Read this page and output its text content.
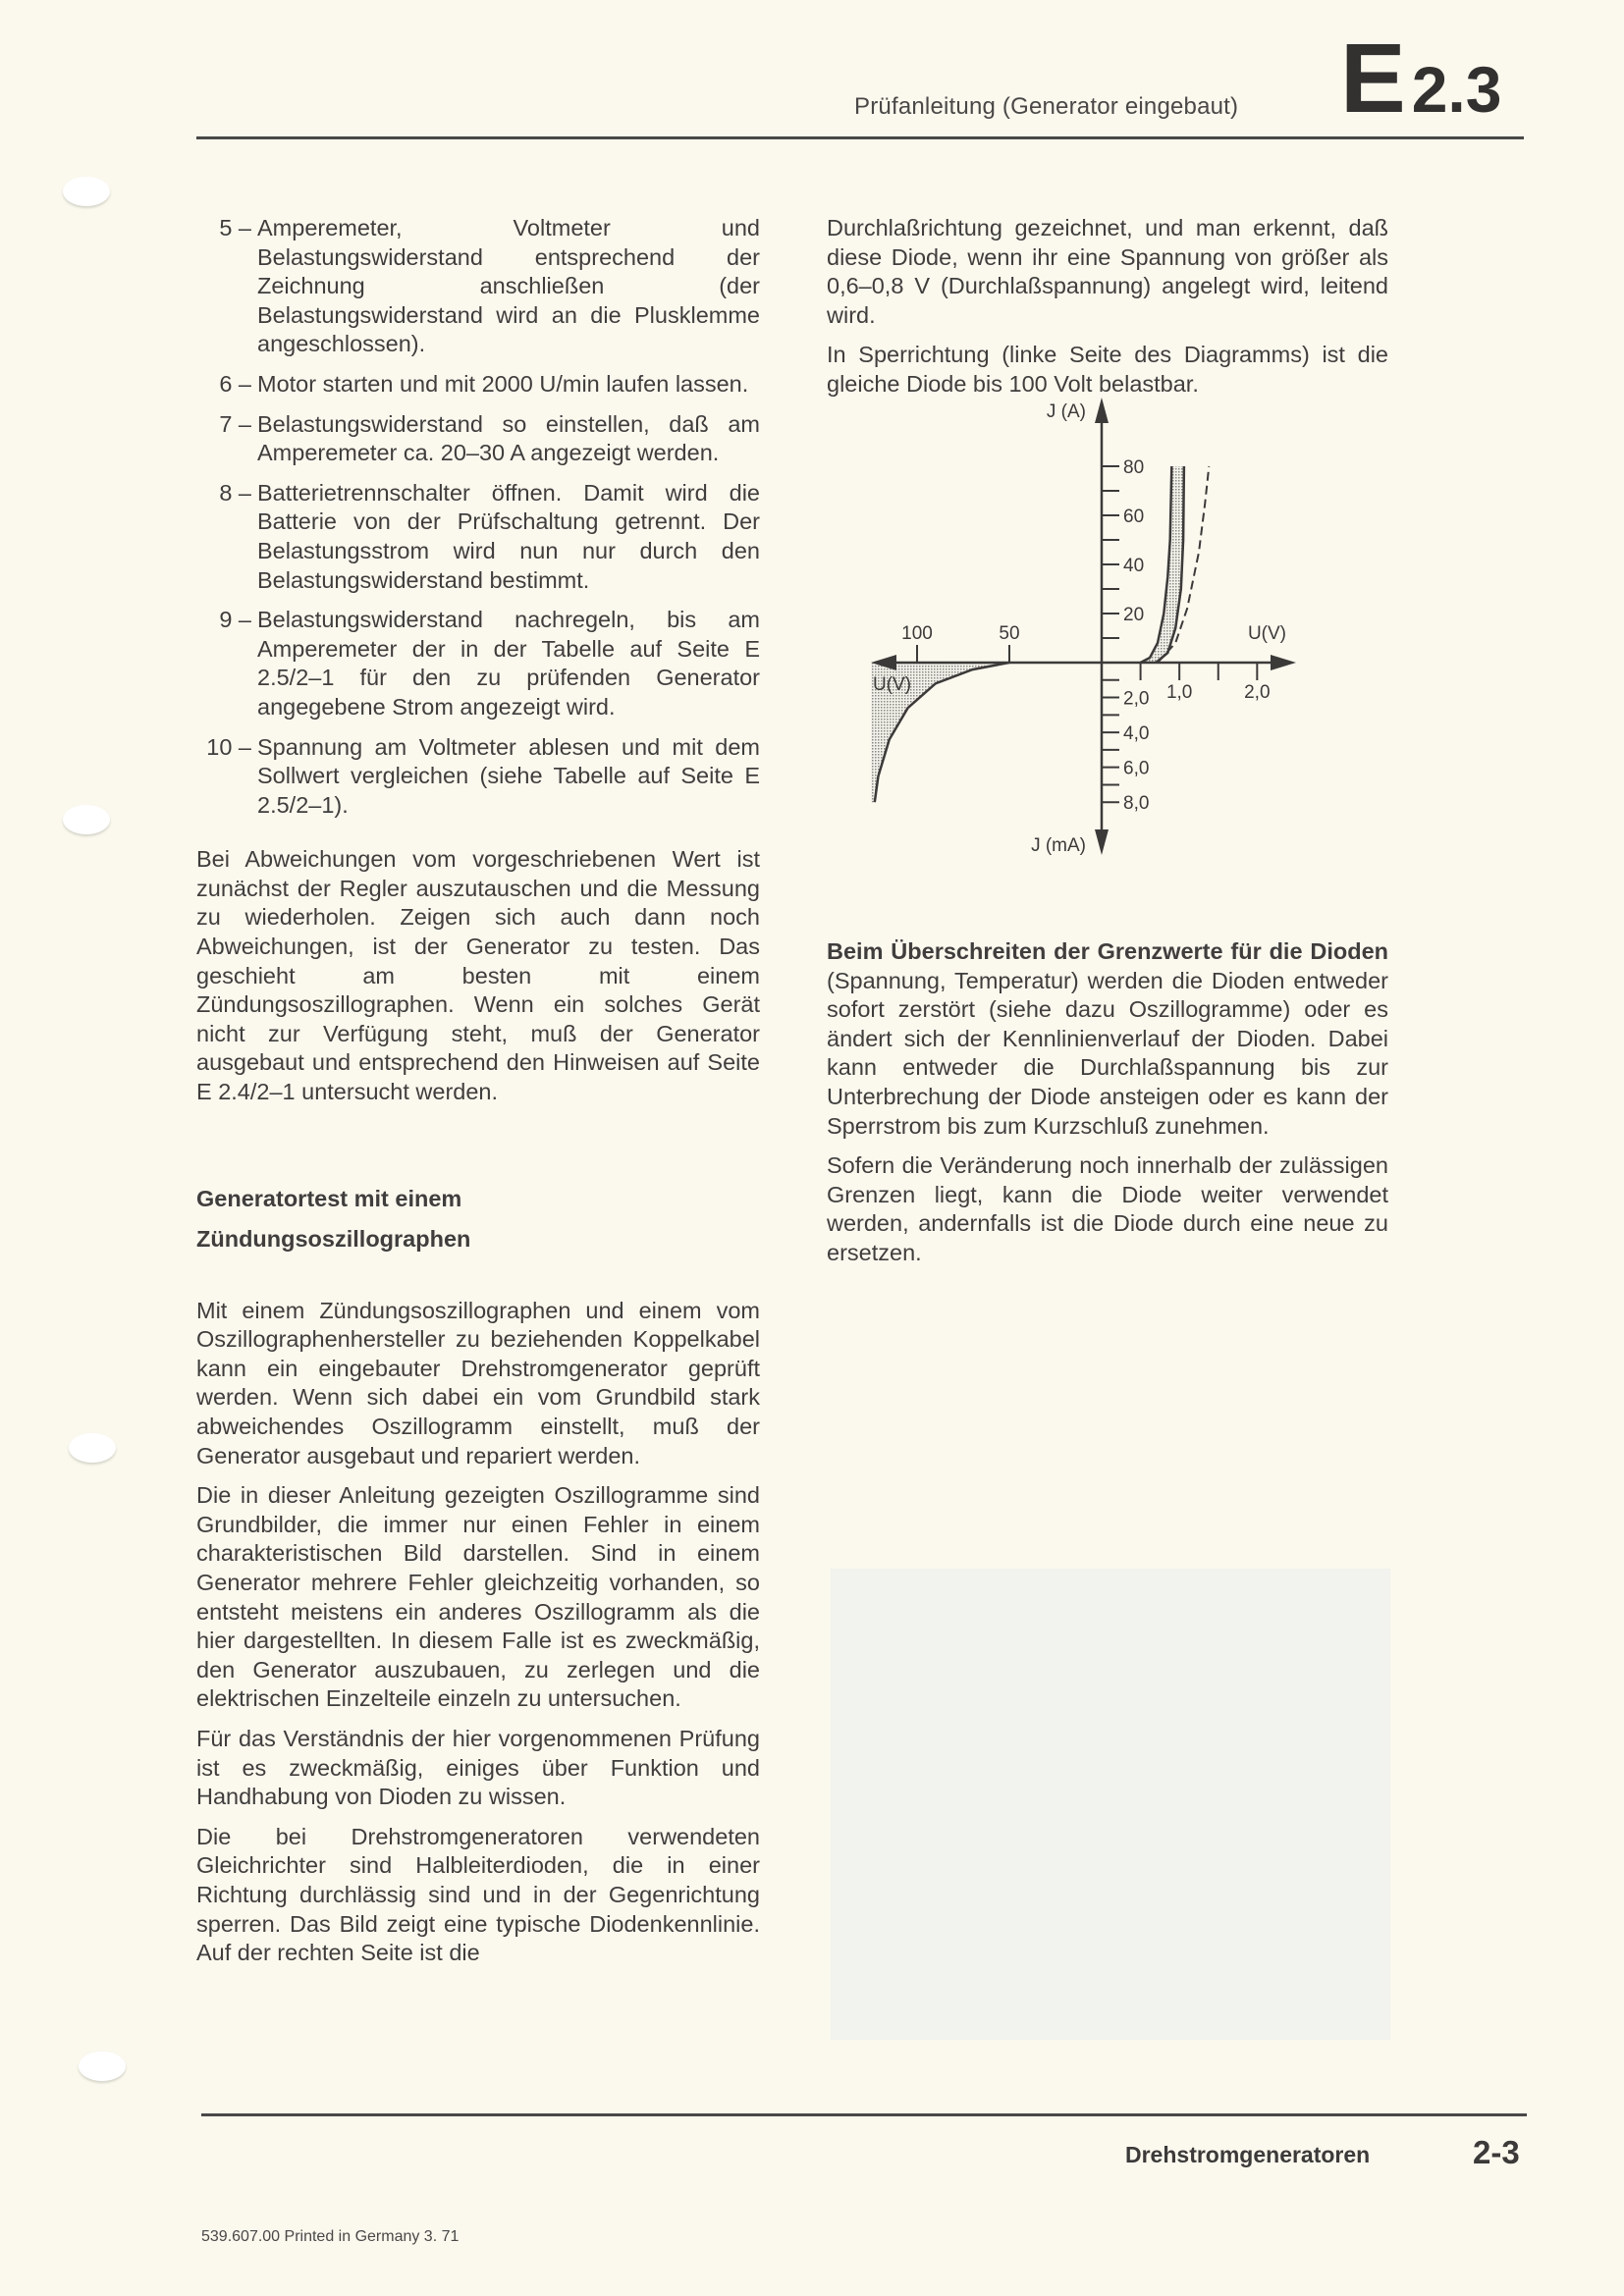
Prüfanleitung (Generator eingebaut) E2.3
5 – Amperemeter, Voltmeter und Belastungswiderstand entsprechend der Zeichnung anschließen (der Belastungswiderstand wird an die Plusklemme angeschlossen).
6 – Motor starten und mit 2000 U/min laufen lassen.
7 – Belastungswiderstand so einstellen, daß am Amperemeter ca. 20–30 A angezeigt werden.
8 – Batterietrennschalter öffnen. Damit wird die Batterie von der Prüfschaltung getrennt. Der Belastungsstrom wird nun nur durch den Belastungswiderstand bestimmt.
9 – Belastungswiderstand nachregeln, bis am Amperemeter der in der Tabelle auf Seite E 2.5/2–1 für den zu prüfenden Generator angegebene Strom angezeigt wird.
10 – Spannung am Voltmeter ablesen und mit dem Sollwert vergleichen (siehe Tabelle auf Seite E 2.5/2–1).

Bei Abweichungen vom vorgeschriebenen Wert ist zunächst der Regler auszutauschen und die Messung zu wiederholen. Zeigen sich auch dann noch Abweichungen, ist der Generator zu testen. Das geschieht am besten mit einem Zündungsoszillographen. Wenn ein solches Gerät nicht zur Verfügung steht, muß der Generator ausgebaut und entsprechend den Hinweisen auf Seite E 2.4/2–1 untersucht werden.

Generatortest mit einem

Zündungsoszillographen

Mit einem Zündungsoszillographen und einem vom Oszillographenhersteller zu beziehenden Koppelkabel kann ein eingebauter Drehstromgenerator geprüft werden. Wenn sich dabei ein vom Grundbild stark abweichendes Oszillogramm einstellt, muß der Generator ausgebaut und repariert werden.

Die in dieser Anleitung gezeigten Oszillogramme sind Grundbilder, die immer nur einen Fehler in einem charakteristischen Bild darstellen. Sind in einem Generator mehrere Fehler gleichzeitig vorhanden, so entsteht meistens ein anderes Oszillogramm als die hier dargestellten. In diesem Falle ist es zweckmäßig, den Generator auszubauen, zu zerlegen und die elektrischen Einzelteile einzeln zu untersuchen.

Für das Verständnis der hier vorgenommenen Prüfung ist es zweckmäßig, einiges über Funktion und Handhabung von Dioden zu wissen.

Die bei Drehstromgeneratoren verwendeten Gleichrichter sind Halbleiterdioden, die in einer Richtung durchlässig sind und in der Gegenrichtung sperren. Das Bild zeigt eine typische Diodenkennlinie. Auf der rechten Seite ist die

Durchlaßrichtung gezeichnet, und man erkennt, daß diese Diode, wenn ihr eine Spannung von größer als 0,6–0,8 V (Durchlaßspannung) angelegt wird, leitend wird.

In Sperrichtung (linke Seite des Diagramms) ist die gleiche Diode bis 100 Volt belastbar.

20
40
60
80
2,0
4,0
6,0
8,0
1,0	2,0
100	50
J (A)
U(V)
U(V)
J (mA)

Beim Überschreiten der Grenzwerte für die Dioden (Spannung, Temperatur) werden die Dioden entweder sofort zerstört (siehe dazu Oszillogramme) oder es ändert sich der Kennlinienverlauf der Dioden. Dabei kann entweder die Durchlaßspannung bis zur Unterbrechung der Diode ansteigen oder es kann der Sperrstrom bis zum Kurzschluß zunehmen.

Sofern die Veränderung noch innerhalb der zulässigen Grenzen liegt, kann die Diode weiter verwendet werden, andernfalls ist die Diode durch eine neue zu ersetzen.

Drehstromgeneratoren	2-3
539.607.00 Printed in Germany 3. 71
